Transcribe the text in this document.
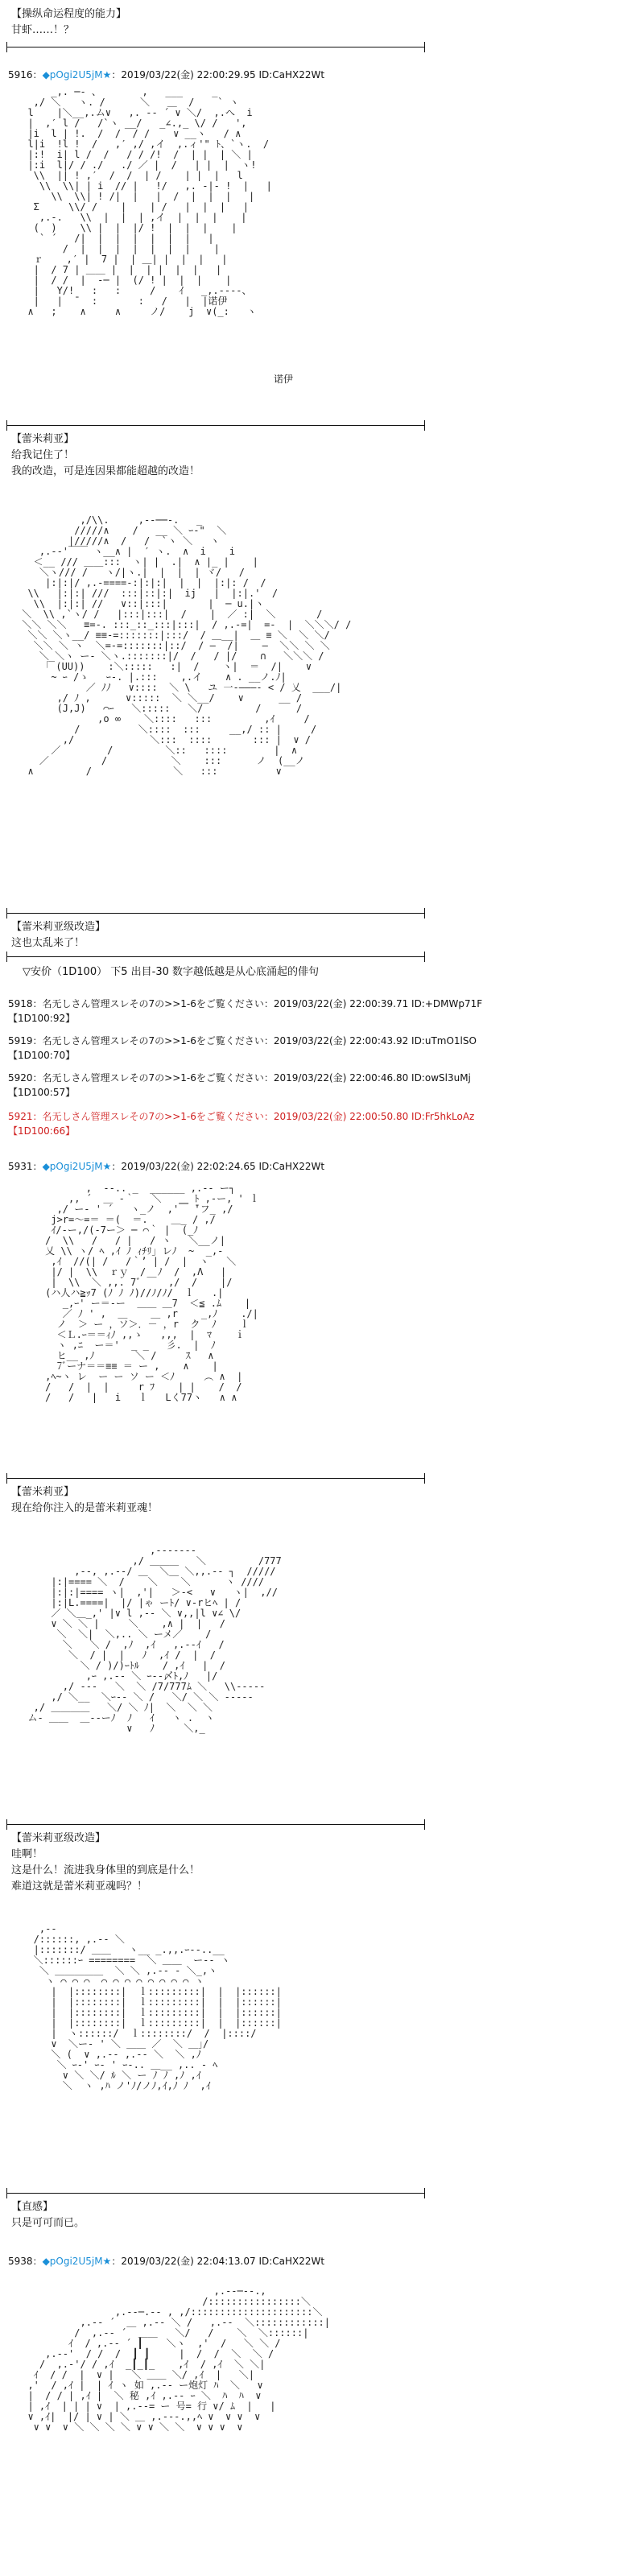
【操纵命运程度的能力】
甘虾……！？
5916：◆pOgi2U5jM★：2019/03/22(金) 22:00:29.95 ID:CaHX22Wt
_,. ─‐ 、       ,   ___     _
,/ ＼   ヽ. /      ＼   ＿  /    ` ヽ
l    |＼__,.ム∨   ,. -‐ ´ ∨ ＼/  ,.へ  i
|  ,′ l /   /`ヽ __/   _∠.,_ \/ /   ',
|i  l | !.  /  /  / /    ∨ __ヽ   / ∧
l|i  !l !  /   ,′ ,/ ,イ  ,.ィ'" ﾄ、`ヽ.  /
|:!  i| l /  /   / / /!  /  | |  | ＼ |
|:i  l|/ / ./   ./ ／ |  /   | |  |  ヽ!
\\  || ! ,′  /  /  | /    | |  |   l
\\  \\| | i  // |   !/   ,. -|- !  |   |
\\  \\| ! /|  |   |  /  |  |  |   |
Σ     \\/ /    |    | /   |  |  |   |
,.-.   \\  |  |  | ,イ  |  |  |    |
(  )    \\ |  |  |/ !  |  |  |    |
` ´   /|  |  |  |  |  |  |   |
/  |  |  |  |  |  |  |    |
ｒ    ,′ |  7 |  | ＿| |  |  |   |
|  / 7 | ＿＿ |  |  | |  |  |   |
|  / /  |  ‐─ |  (/ ! |  |  |    |
|   Y/!   :   :     /    ｲ   _,.---‐、
|   |  ̄   :       :   /   |  |诺伊
∧   ;    ∧     ∧     ノ/    j  ∨(_:   ヽ
诺伊
【蕾米莉亚】
给我记住了！
我的改造，可是连因果都能超越的改造！
,/\\.     ,-‐──-.   _
/////∧    /   __ ＼ ｰ-"  ＼
|/////∧  /   /  `ヽ ＼   ヽ
,.-‐'￣￣ ヽ__∧ |  ′ ヽ.  ∧  i    i
＜__ /// ＿＿:::  ヽ| |  .|  ∧ |_ |    |
＼ヽ/// /   ヽ/|ヽ.|  |  |  | ヾ/   /
|:|:|/ ,.-====-:|:|:|  |  |  |:|: /  /
\\   |:|:| ///  :::|::|:|  ij   |  |:|.'  /
\\  |:|:| //   ∨::|:::|       |  ─ u.|ヽ
＼  \\ ,`ヽ/ /   |:::|:::|  /    |  ／ :|  ＼       /
＼＼ ＼＼   ≡=-. :::_::_:::|:::|  / ,.-=|  =-  |  ＼＼＼/ /
＼＼ ＼ヽ__/ ≡≡-=:::::::|:::/  / ＿__|  ＿ ≡ ＼  ＼ ＼/
＼＼ ＼ ヽ  ＼=-=:::::::|::/  / ―  /|    ―  ＼＼ ＼ ＼
＼_＼ヽ ー‐ ＼ヽ.:::::::|/  /   / |/    ∩   ＼＼＼ /
｢ (UU))    :＼:::::   :|  /    ヽ|  ＝  /|    ∨
~ ｰ /ゝ   ｰ-. |.:::    ,.イ    ∧ . __ノ.ﾉ|
／ ﾉﾉ   ∨::::  ＼ \   ユ 一‐―――‐ < / 乂  ___/|
,/ ﾉ ,      ∨:::::  ＼ ＼__/    ∨      __ /
(J,J)   ⌒ｰ   ＼:::::   ＼/         /      /
,o ∞    ＼::::   :::         ,ｲ     /
/          ＼::::  :::     __,/ :: |     /
,/             ＼:::  ::::       ::: |  ∨ /
／        /         ＼::   ::::        |  ∧
／         /           ＼    :::      ノ  (__ノ
∧         /              ＼   :::          ∨
【蕾米莉亚级改造】
这也太乱来了！
▽安价（1D100） 下5 出目-30 数字越低越是从心底涌起的俳句
5918：名无しさん管理スレその7の>>1-6をご覧ください：2019/03/22(金) 22:00:39.71 ID:+DMWp71F
【1D100:92】
5919：名无しさん管理スレその7の>>1-6をご覧ください：2019/03/22(金) 22:00:43.92 ID:uTmO1lSO
【1D100:70】
5920：名无しさん管理スレその7の>>1-6をご覧ください：2019/03/22(金) 22:00:46.80 ID:owSl3uMj
【1D100:57】
5921：名无しさん管理スレその7の>>1-6をご覧ください：2019/03/22(金) 22:00:50.80 ID:Fr5hkLoAz
【1D100:66】
5931：◆pOgi2U5jM★：2019/03/22(金) 22:02:24.65 ID:CaHX22Wt
,  ‐-.. _  ______ ,.-‐ ー┐
,, ´  ＿ ‐｀   ＼   ＿ ﾄ ,-ー, ' ｌ
,/ ー‐ ' ´   ヽ_ノ  ,'￣ ̄'フ_ ,/
j>r=～=＝ ＝(  ＝.    ＿_ / ,/
ｲ/‐ー,/(‐7ー＞ ─ ⌒｀ |  (_ﾉ
/  \\   /   / |   / ヽ   ＼__ノ|
乂 \\ ヽ/ ﾍ ,ｲ ﾉ ｨﾁﾘ｣ レﾉ  ~  _,-
,ｲ  //(| /   /｀’ | /  |  ヽ   ＼
|/ |  \\  ｒｙ  /  ﾉ  /  ,Λ   |
|  \\  ＼ ,,. 7ﾞ ￣  ,/  /    |/
(ハ人ハ≧ｯ7 (ﾉ ﾉ ﾉ)//ﾉ/ﾉ/  ｌ   .|
_,ｰ' ー＝-ー  ＿＿ ＿7  ＜≦ .ﾑ    |
／ ﾉ ' ,  ＿    ＿ ,r    _,ﾉ    ./|
ノ  ＞ ー ，ソ＞．－ ，r  ク  ﾉ    ｌ
＜Ｌ.ｰ＝＝ｨﾉ ,,ゝ   ,,,  |  ﾏ    ｉ
ヽ ,ﾆ  ー＝'  _ _   彡.  |  ﾉ
ヒ__ ,ﾉ       ＼ /     ｽ   ∧
7ﾞーナ＝＝≡≡ ＝ ー ,    ∧    |
,ﾍ~ヽ レ  ー ー ソ ー ＜ﾉ     ︵ ∧  |
/   /  |  |     r ﾌ    | |    /  /
/   /   |   i   ｌ   Lく77ヽ   ∧ ∧
【蕾米莉亚】
现在给你注入的是蕾米莉亚魂！
,-------
,/ ＿＿＿   ＼         /777
,-‐, ,.-‐/ ＿  ＼＿ ＼,,.-- ┐  /////
|:|==== ＼  /    ＼    ＼      ヽ ////
|:|:|==== ヽ|  ,'|   ＞-<   ∨   ヽ|  ,//
|:|L.====|  |/ |ゃ ーﾄ/ ∨-rヒﾍ | /
／ ＼＿_,' |∨ l ,-- ＼ ∨,,|l ∨∠ \/
∨ ＼ ＼ |     ＼    ,∧ |  |   /
＼  ＼|  ＼,.. ＼ ーメ／    /
＼   ＼ /  ,ﾉ  ,ｲ   ,.-‐ｲ   /
＼  / |  |   ﾉ  ,ｲ /  |  /
＼ / )/)ｰﾄﾙ    / ,ｲ   |  /
,ｰ ,.-‐ ＼ ｰ--〆ﾄ,ﾉ   |/
,/ ---   ＼  ＼ /7/777ﾑ ＼   \\-----
,/ ＼__  ＼ｰ-- ＼ /   ＼/ ＼ ＼ -----
,/ ＿＿＿＿   ＼/ ＼ ﾉ|  ＼  ＼ ＼
ム‐ ＿＿  ＿--ーﾉ  ﾉ   ｲ   ヽ .  ヽ
∨   ﾉ     ＼,_
【蕾米莉亚级改造】
哇啊！
这是什么！流进我身体里的到底是什么！
难道这就是蕾米莉亚魂吗？！
,-‐
/::::::, ,.-‐ ＼
|:::::::/ ＿＿   ヽ__ _.,,.ｰ--..__
＼::::::ｰ ========  ＼ ＿＿  ー-- ヽ
＼ ＿＿＿＿＿  ＼ ＼ ,.-- ‐ ＼_,ヽ
ヽ ⌒ ⌒ ⌒  ⌒ ⌒ ⌒ ⌒ ⌒ ⌒ ⌒ ⌒ ヽ
|  |::::::::|  ｌ:::::::::|  |  |::::::|
|  |::::::::|  ｌ:::::::::|  |  |::::::|
|  |::::::::|  ｌ:::::::::|  |  |::::::|
|  |::::::::|  ｌ:::::::::|  |  |::::::|
|  ヽ::::::/  ｌ::::::::/  /  |::::/
∨  ＼ー‐ ' ＼ ＿＿ ／  ＼ ＿｣/
＼ (  ∨ ,.-‐ ,.-‐ ＼  ＼ ,ﾉ
＼ ｰ-' ｰ- ' ｰ-.. ＿__ ,.. ‐ ﾍ
∨ ＼ ＼/ ﾙ ＼ ー ﾉ ﾉ ,ﾉ ,ｲ
＼  ヽ ,ﾊ ノ'ﾉ/ノﾉ,ｲ,ﾉ ﾉ  ,ｲ
【直感】
只是可可而已。
5938：◆pOgi2U5jM★：2019/03/22(金) 22:04:13.07 ID:CaHX22Wt
,.-‐─‐-.,
/::::::::::::::::＼
,.-‐─.-‐ , ,/:::::::::::::::::::::＼
,.-‐ ´  ＿ ,.-‐ ＼ /   ,.-‐  ＼::::::::::::|
/  ,.-‐ ´  ＿＿   ＼/   /    ＼  ＼::::::|
ｲ  / ,.-‐ ´ ┃    ＼ヽ  ,'  /   ＼ ＼ /
,.-‐'  / /  /  ┃ ┃     |  /  /  ＼  ＼ /
/  ,.-'/ / ,ｲ  _┃_┃_    ,ｲ  / ,ｲ  ＼ ＼|
ｲ  / /  |  ∨ |   ＼ ＿＿ ＼/ ,ｲ  |   ＼|
,'  / ,ｲ |  | ｲ ヽ 如 ,.-‐ ー炮灯 ﾊ  ＼   ∨
|  / / | ,ｲ |  ＼ 秘 ,ｲ ,.-‐ ｰ ＼  ﾊ  ﾊ  ∨
| ,ｲ  | | | ∨  | ,.-‐= ー 号= 行 ∨/ ﾑ  |   |
∨ ,ｲ|  |/ | ∨ | ＼ ＿ ,.-‐-.,,ﾍ ∨  ∨ ∨  ∨
∨ ∨  ∨ ＼ ＼ ＼ ＼ ∨ ∨ ＼ ＼  ∨ ∨ ∨  ∨
